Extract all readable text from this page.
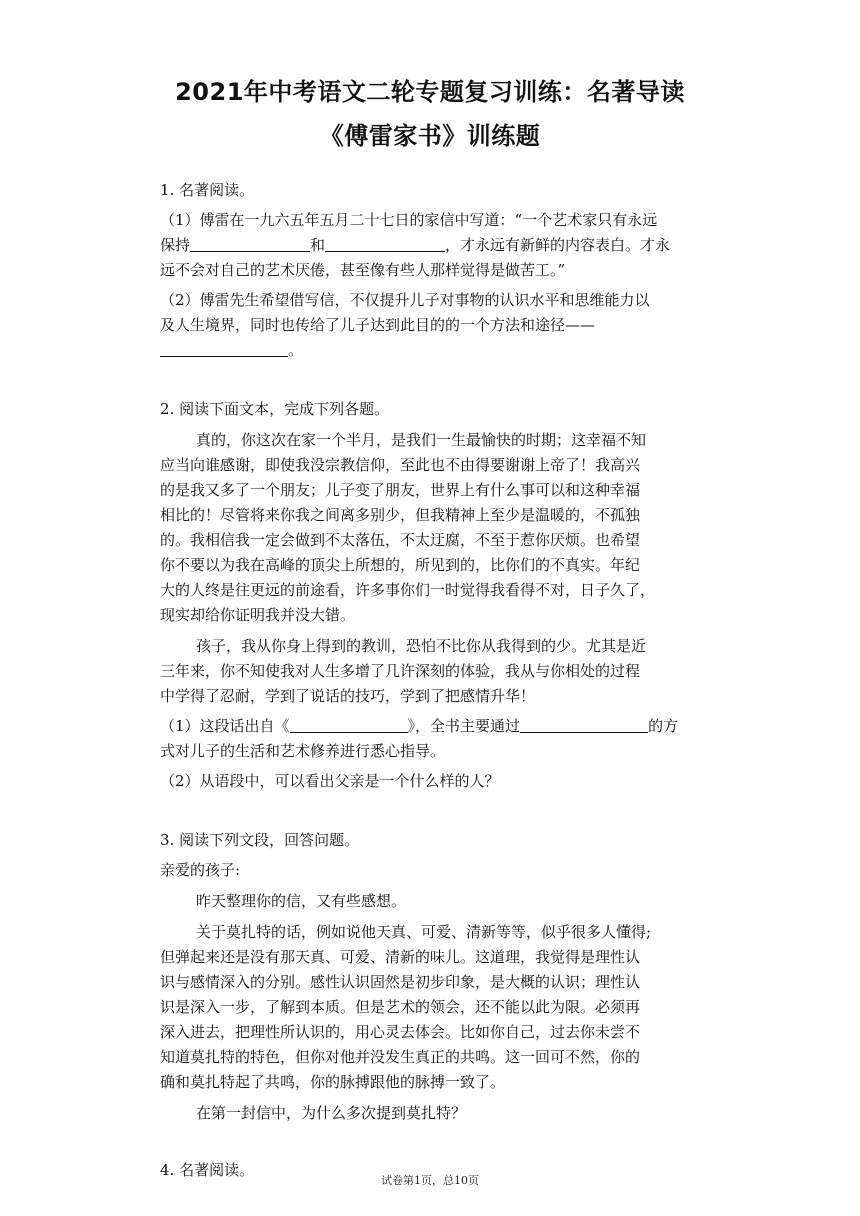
2021年中考语文二轮专题复习训练：名著导读
《傅雷家书》训练题
1. 名著阅读。
（1）傅雷在一九六五年五月二十七日的家信中写道：“一个艺术家只有永远
保持	和	，才永远有新鲜的内容表白。才永
远不会对自己的艺术厌倦，甚至像有些人那样觉得是做苦工。”
（2）傅雷先生希望借写信，不仅提升儿子对事物的认识水平和思维能力以
及人生境界，同时也传给了儿子达到此目的的一个方法和途径——
。
2. 阅读下面文本，完成下列各题。
真的，你这次在家一个半月，是我们一生最愉快的时期；这幸福不知
应当向谁感谢，即使我没宗教信仰，至此也不由得要谢谢上帝了！我高兴
的是我又多了一个朋友；儿子变了朋友，世界上有什么事可以和这种幸福
相比的！尽管将来你我之间离多别少，但我精神上至少是温暖的，不孤独
的。我相信我一定会做到不太落伍，不太迂腐，不至于惹你厌烦。也希望
你不要以为我在高峰的顶尖上所想的，所见到的，比你们的不真实。年纪
大的人终是往更远的前途看，许多事你们一时觉得我看得不对，日子久了，
现实却给你证明我并没大错。
孩子，我从你身上得到的教训，恐怕不比你从我得到的少。尤其是近
三年来，你不知使我对人生多增了几许深刻的体验，我从与你相处的过程
中学得了忍耐，学到了说话的技巧，学到了把感情升华！
（1）这段话出自《	》，全书主要通过	的方
式对儿子的生活和艺术修养进行悉心指导。
（2）从语段中，可以看出父亲是一个什么样的人？
3. 阅读下列文段，回答问题。
亲爱的孩子:
昨天整理你的信，又有些感想。
关于莫扎特的话，例如说他天真、可爱、清新等等，似乎很多人懂得;
但弹起来还是没有那天真、可爱、清新的味儿。这道理，我觉得是理性认
识与感情深入的分别。感性认识固然是初步印象，是大概的认识；理性认
识是深入一步，了解到本质。但是艺术的领会，还不能以此为限。必须再
深入进去，把理性所认识的，用心灵去体会。比如你自己，过去你未尝不
知道莫扎特的特色，但你对他并没发生真正的共鸣。这一回可不然，你的
确和莫扎特起了共鸣，你的脉搏跟他的脉搏一致了。
在第一封信中，为什么多次提到莫扎特？
4. 名著阅读。
试卷第1页，总10页
